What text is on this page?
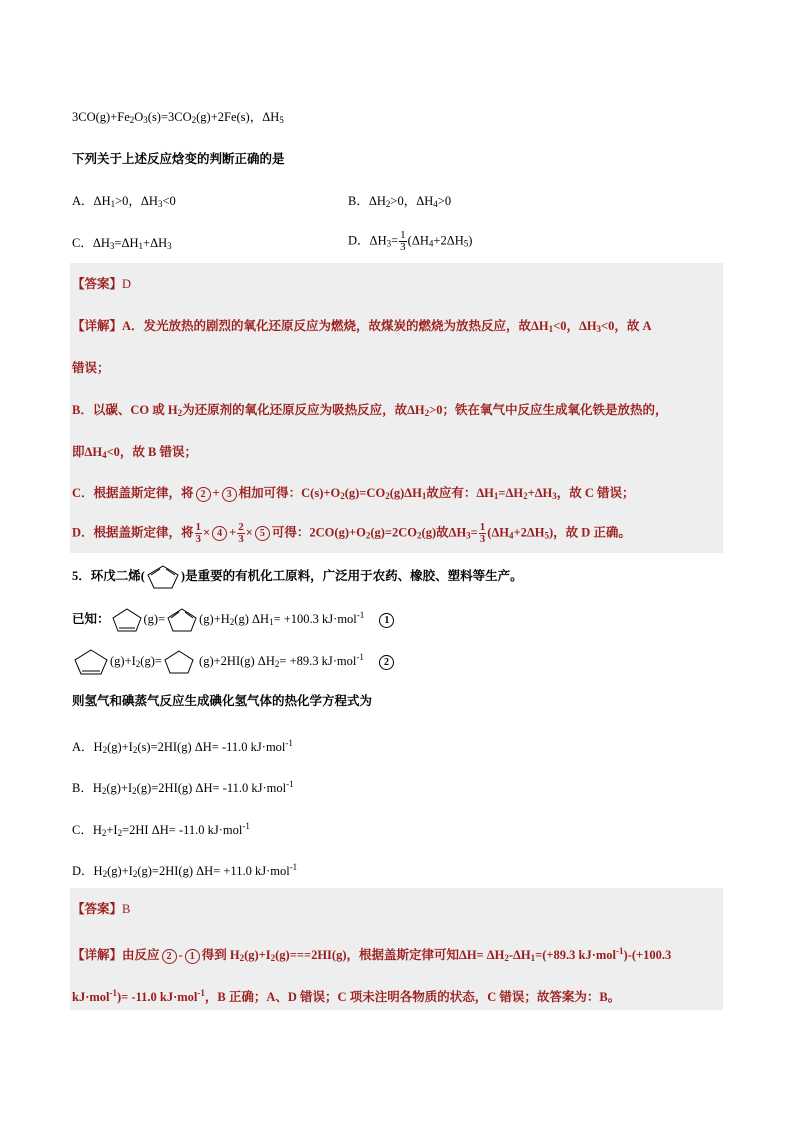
$3CO(g)+Fe_2O_3(s)=3CO_2(g)+2Fe(s)$，$\Delta H_5$
下列关于上述反应焓变的判断正确的是
A．$\Delta H_1>0$，$\Delta H_3<0$	B．$\Delta H_2>0$，$\Delta H_4>0$
C．$\Delta H_3=\Delta H_1+\Delta H_3$	D．$\Delta H_3= \frac{1}{3} (\Delta H_4+2\Delta H_5)$
【答案】D
【详解】A．发光放热的剧烈的氧化还原反应为燃烧，故煤炭的燃烧为放热反应，故$\Delta H_1<0$，$\Delta H_3<0$，故 A
错误；
B．以碳、CO 或 $H_2$为还原剂的氧化还原反应为吸热反应，故$\Delta H_2>0$；铁在氧气中反应生成氧化铁是放热的，
即$\Delta H_4<0$，故 B 错误；
C．根据盖斯定律，将 2 + 3 相加可得：$C(s)+O_2(g)=CO_2(g)\Delta H_1$故应有：$\Delta H_1=\Delta H_2+\Delta H_3$，故 C 错误；
D．根据盖斯定律，将 $\frac{1}{3} \times 4 + \frac{2}{3} \times 5$ 可得：$2CO(g)+O_2(g)=2CO_2(g)$故$\Delta H_3= \frac{1}{3} (\Delta H_4+2\Delta H_5)$，故 D 正确。
5．环戊二烯(	)是重要的有机化工原料，广泛用于农药、橡胶、塑料等生产。
已知：	(g)=	$(g)+H_2(g)$ $\Delta H_1= +100.3$ kJ·mol$^{-1}$ 1
$(g)+I_2(g)=$	(g)+2HI(g) $\Delta H_2= +89.3$ kJ·mol$^{-1}$ 2
则氢气和碘蒸气反应生成碘化氢气体的热化学方程式为
A．$H_2(g)+I_2(s)=2HI(g)$ ΔH= -11.0 kJ·mol$^{-1}$
B．$H_2(g)+I_2(g)=2HI(g)$ ΔH= -11.0 kJ·mol$^{-1}$
C．$H_2+I_2=2HI$ ΔH= -11.0 kJ·mol$^{-1}$
D．$H_2(g)+I_2(g)=2HI(g)$ ΔH= +11.0 kJ·mol$^{-1}$
【答案】B
【详解】由反应 2 - 1 得到 $H_2(g)+I_2(g)===2HI(g)$，根据盖斯定律可知$\Delta H= \Delta H_2-\Delta H_1=(+89.3$ kJ·mol$^{-1}$)-(+100.3
kJ·mol$^{-1}$)= -11.0 kJ·mol$^{-1}$，B 正确；A、D 错误；C 项未注明各物质的状态，C 错误；故答案为：B。
